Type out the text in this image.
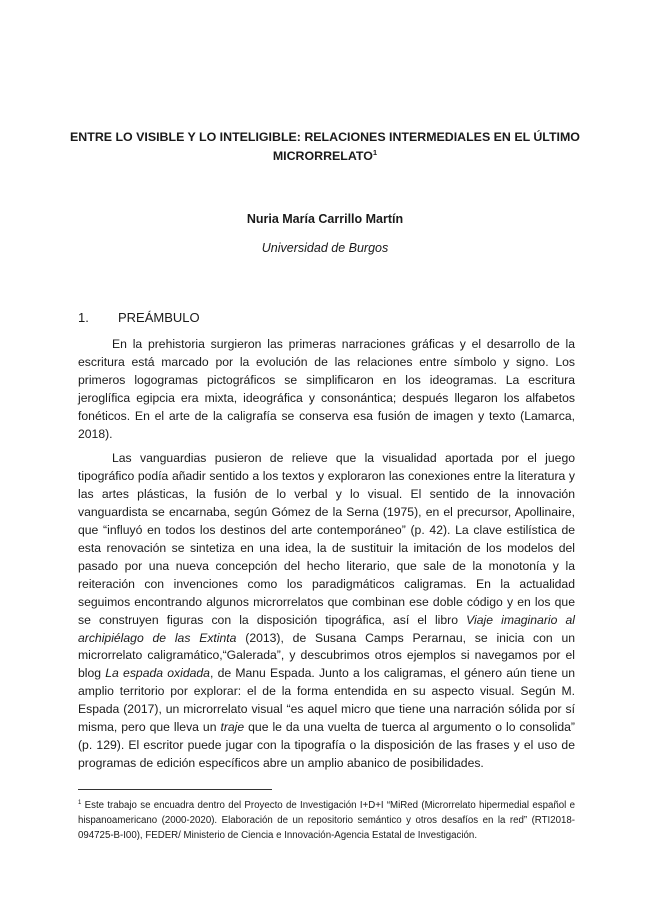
ENTRE LO VISIBLE Y LO INTELIGIBLE: RELACIONES INTERMEDIALES EN EL ÚLTIMO MICRORRELATO$^1$
Nuria María Carrillo Martín
Universidad de Burgos
1. PREÁMBULO

En la prehistoria surgieron las primeras narraciones gráficas y el desarrollo de la escritura está marcado por la evolución de las relaciones entre símbolo y signo. Los primeros logogramas pictográficos se simplificaron en los ideogramas. La escritura jeroglífica egipcia era mixta, ideográfica y consonántica; después llegaron los alfabetos fonéticos. En el arte de la caligrafía se conserva esa fusión de imagen y texto (Lamarca, 2018).

Las vanguardias pusieron de relieve que la visualidad aportada por el juego tipográfico podía añadir sentido a los textos y exploraron las conexiones entre la literatura y las artes plásticas, la fusión de lo verbal y lo visual. El sentido de la innovación vanguardista se encarnaba, según Gómez de la Serna (1975), en el precursor, Apollinaire, que “influyó en todos los destinos del arte contemporáneo” (p. 42). La clave estilística de esta renovación se sintetiza en una idea, la de sustituir la imitación de los modelos del pasado por una nueva concepción del hecho literario, que sale de la monotonía y la reiteración con invenciones como los paradigmáticos caligramas. En la actualidad seguimos encontrando algunos microrrelatos que combinan ese doble código y en los que se construyen figuras con la disposición tipográfica, así el libro Viaje imaginario al archipiélago de las Extinta (2013), de Susana Camps Perarnau, se inicia con un microrrelato caligramático,“Galerada”, y descubrimos otros ejemplos si navegamos por el blog La espada oxidada, de Manu Espada. Junto a los caligramas, el género aún tiene un amplio territorio por explorar: el de la forma entendida en su aspecto visual. Según M. Espada (2017), un microrrelato visual “es aquel micro que tiene una narración sólida por sí misma, pero que lleva un traje que le da una vuelta de tuerca al argumento o lo consolida” (p. 129). El escritor puede jugar con la tipografía o la disposición de las frases y el uso de programas de edición específicos abre un amplio abanico de posibilidades.

$^1$ Este trabajo se encuadra dentro del Proyecto de Investigación I+D+I “MiRed (Microrrelato hipermedial español e hispanoamericano (2000-2020). Elaboración de un repositorio semántico y otros desafíos en la red” (RTI2018-094725-B-I00), FEDER/ Ministerio de Ciencia e Innovación-Agencia Estatal de Investigación.
